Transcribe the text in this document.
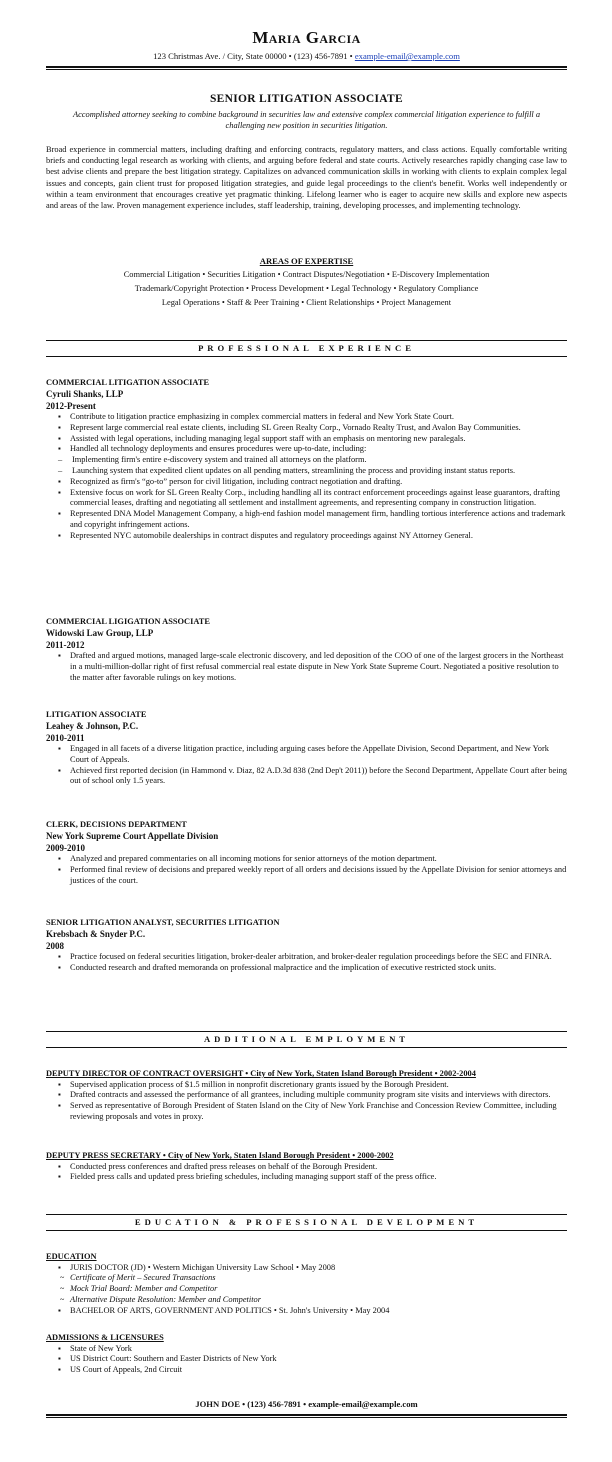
Maria Garcia
123 Christmas Ave. / City, State 00000 • (123) 456-7891 • example-email@example.com
SENIOR LITIGATION ASSOCIATE
Accomplished attorney seeking to combine background in securities law and extensive complex commercial litigation experience to fulfill a challenging new position in securities litigation.
Broad experience in commercial matters, including drafting and enforcing contracts, regulatory matters, and class actions. Equally comfortable writing briefs and conducting legal research as working with clients, and arguing before federal and state courts. Actively researches rapidly changing case law to best advise clients and prepare the best litigation strategy. Capitalizes on advanced communication skills in working with clients to explain complex legal issues and concepts, gain client trust for proposed litigation strategies, and guide legal proceedings to the client's benefit. Works well independently or within a team environment that encourages creative yet pragmatic thinking. Lifelong learner who is eager to acquire new skills and explore new aspects and areas of the law. Proven management experience includes, staff leadership, training, developing processes, and implementing technology.
AREAS OF EXPERTISE
Commercial Litigation • Securities Litigation • Contract Disputes/Negotiation • E-Discovery Implementation
Trademark/Copyright Protection • Process Development • Legal Technology • Regulatory Compliance
Legal Operations • Staff & Peer Training • Client Relationships • Project Management
PROFESSIONAL EXPERIENCE
COMMERCIAL LITIGATION ASSOCIATE
Cyruli Shanks, LLP
2012-Present
▪ Contribute to litigation practice emphasizing in complex commercial matters in federal and New York State Court.
▪ Represent large commercial real estate clients, including SL Green Realty Corp., Vornado Realty Trust, and Avalon Bay Communities.
▪ Assisted with legal operations, including managing legal support staff with an emphasis on mentoring new paralegals.
▪ Handled all technology deployments and ensures procedures were up-to-date, including:
– Implementing firm's entire e-discovery system and trained all attorneys on the platform.
– Launching system that expedited client updates on all pending matters, streamlining the process and providing instant status reports.
▪ Recognized as firm's “go-to” person for civil litigation, including contract negotiation and drafting.
▪ Extensive focus on work for SL Green Realty Corp., including handling all its contract enforcement proceedings against lease guarantors, drafting commercial leases, drafting and negotiating all settlement and installment agreements, and representing company in construction litigation.
▪ Represented DNA Model Management Company, a high-end fashion model management firm, handling tortious interference actions and trademark and copyright infringement actions.
▪ Represented NYC automobile dealerships in contract disputes and regulatory proceedings against NY Attorney General.
COMMERCIAL LIGIGATION ASSOCIATE
Widowski Law Group, LLP
2011-2012
▪ Drafted and argued motions, managed large-scale electronic discovery, and led deposition of the COO of one of the largest grocers in the Northeast in a multi-million-dollar right of first refusal commercial real estate dispute in New York State Supreme Court. Negotiated a positive resolution to the matter after favorable rulings on key motions.
LITIGATION ASSOCIATE
Leahey & Johnson, P.C.
2010-2011
▪ Engaged in all facets of a diverse litigation practice, including arguing cases before the Appellate Division, Second Department, and New York Court of Appeals.
▪ Achieved first reported decision (in Hammond v. Diaz, 82 A.D.3d 838 (2nd Dep't 2011)) before the Second Department, Appellate Court after being out of school only 1.5 years.
CLERK, DECISIONS DEPARTMENT
New York Supreme Court Appellate Division
2009-2010
▪ Analyzed and prepared commentaries on all incoming motions for senior attorneys of the motion department.
▪ Performed final review of decisions and prepared weekly report of all orders and decisions issued by the Appellate Division for senior attorneys and justices of the court.
SENIOR LITIGATION ANALYST, SECURITIES LITIGATION
Krebsbach & Snyder P.C.
2008
▪ Practice focused on federal securities litigation, broker-dealer arbitration, and broker-dealer regulation proceedings before the SEC and FINRA.
▪ Conducted research and drafted memoranda on professional malpractice and the implication of executive restricted stock units.
ADDITIONAL EMPLOYMENT
DEPUTY DIRECTOR OF CONTRACT OVERSIGHT • City of New York, Staten Island Borough President • 2002-2004
▪ Supervised application process of $1.5 million in nonprofit discretionary grants issued by the Borough President.
▪ Drafted contracts and assessed the performance of all grantees, including multiple community program site visits and interviews with directors.
▪ Served as representative of Borough President of Staten Island on the City of New York Franchise and Concession Review Committee, including reviewing proposals and votes in proxy.
DEPUTY PRESS SECRETARY • City of New York, Staten Island Borough President • 2000-2002
▪ Conducted press conferences and drafted press releases on behalf of the Borough President.
▪ Fielded press calls and updated press briefing schedules, including managing support staff of the press office.
EDUCATION & PROFESSIONAL DEVELOPMENT
EDUCATION
▪ JURIS DOCTOR (JD) • Western Michigan University Law School • May 2008
~ Certificate of Merit – Secured Transactions
~ Mock Trial Board: Member and Competitor
~ Alternative Dispute Resolution: Member and Competitor
▪ BACHELOR OF ARTS, GOVERNMENT AND POLITICS • St. John's University • May 2004
ADMISSIONS & LICENSURES
▪ State of New York
▪ US District Court: Southern and Easter Districts of New York
▪ US Court of Appeals, 2nd Circuit
JOHN DOE • (123) 456-7891 • example-email@example.com
